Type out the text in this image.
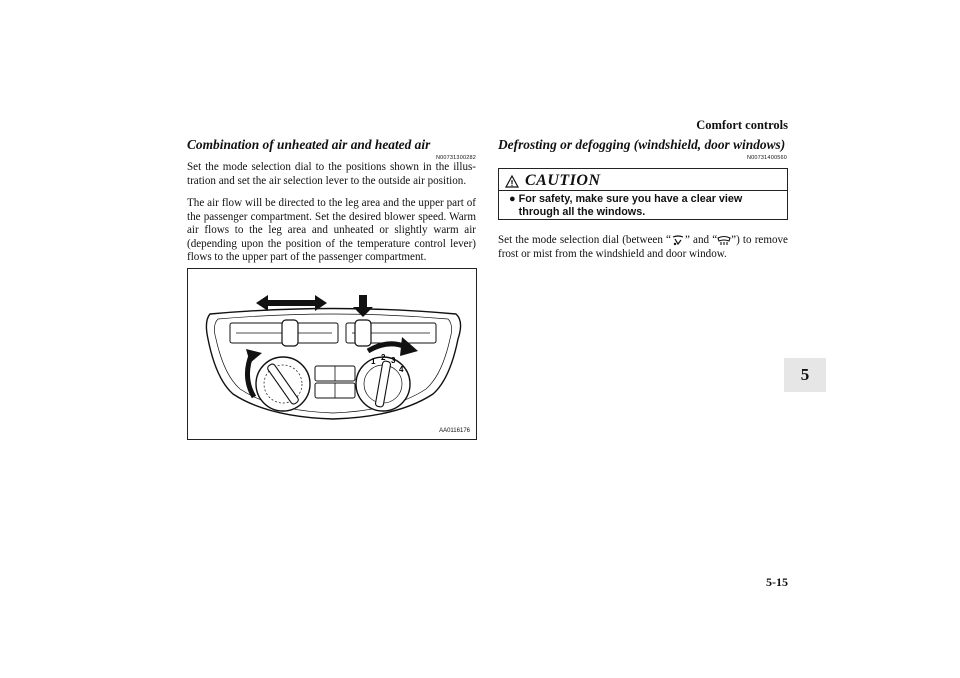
Comfort controls
Combination of unheated air and heated air
N00731300282

Set the mode selection dial to the positions shown in the illus-tration and set the air selection lever to the outside air position.

The air flow will be directed to the leg area and the upper part of the passenger compartment. Set the desired blower speed. Warm air flows to the leg area and unheated or slightly warm air (depending upon the position of the temperature control lever) flows to the upper part of the passenger compartment.

1 2 3
4
AA0116176
Defrosting or defogging (windshield, door windows)
N00731400560
CAUTION
● For safety, make sure you have a clear view through all the windows.

Set the mode selection dial (between “ ” and “ ”) to remove frost or mist from the windshield and door window.

5
5-15
